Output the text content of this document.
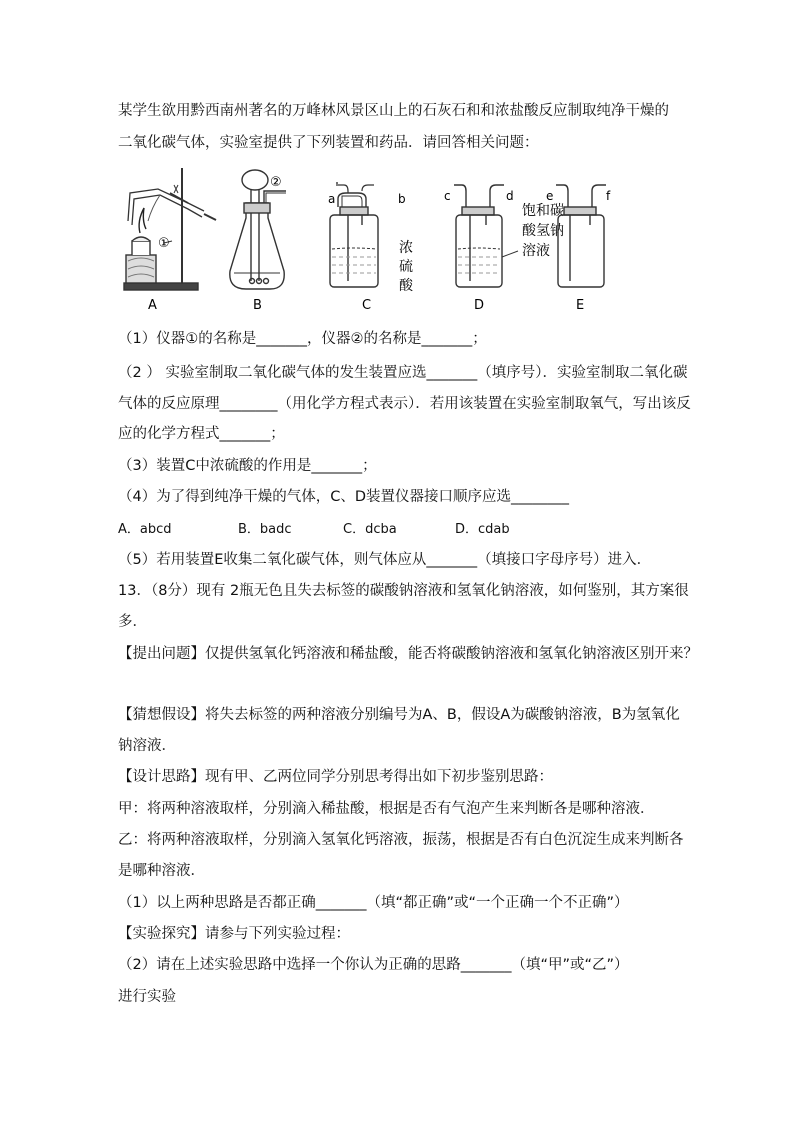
某学生欲用黔西南州著名的万峰林风景区山上的石灰石和和浓盐酸反应制取纯净干燥的
二氧化碳气体，实验室提供了下列装置和药品．请回答相关问题：
①
A
②
B
a	b
浓
硫
酸
C
c	d
饱和碳
酸氢钠
溶液
D
e	f
E
（1）仪器①的名称是_______，仪器②的名称是_______；
（2 ） 实验室制取二氧化碳气体的发生装置应选_______（填序号）．实验室制取二氧化碳
气体的反应原理________（用化学方程式表示）．若用该装置在实验室制取氧气，写出该反
应的化学方程式_______；
（3）装置C中浓硫酸的作用是_______；
（4）为了得到纯净干燥的气体，C、D装置仪器接口顺序应选________
A．abcd	B．badc	C．dcba	D．cdab
（5）若用装置E收集二氧化碳气体，则气体应从_______（填接口字母序号）进入．
13．（8分）现有 2瓶无色且失去标签的碳酸钠溶液和氢氧化钠溶液，如何鉴别，其方案很
多．
【提出问题】仅提供氢氧化钙溶液和稀盐酸，能否将碳酸钠溶液和氢氧化钠溶液区别开来？
【猜想假设】将失去标签的两种溶液分别编号为A、B，假设A为碳酸钠溶液，B为氢氧化
钠溶液．
【设计思路】现有甲、乙两位同学分别思考得出如下初步鉴别思路：
甲：将两种溶液取样，分别滴入稀盐酸，根据是否有气泡产生来判断各是哪种溶液．
乙：将两种溶液取样，分别滴入氢氧化钙溶液，振荡，根据是否有白色沉淀生成来判断各
是哪种溶液．
（1）以上两种思路是否都正确_______（填“都正确”或“一个正确一个不正确”）
【实验探究】请参与下列实验过程：
（2）请在上述实验思路中选择一个你认为正确的思路_______（填“甲”或“乙”）
进行实验
